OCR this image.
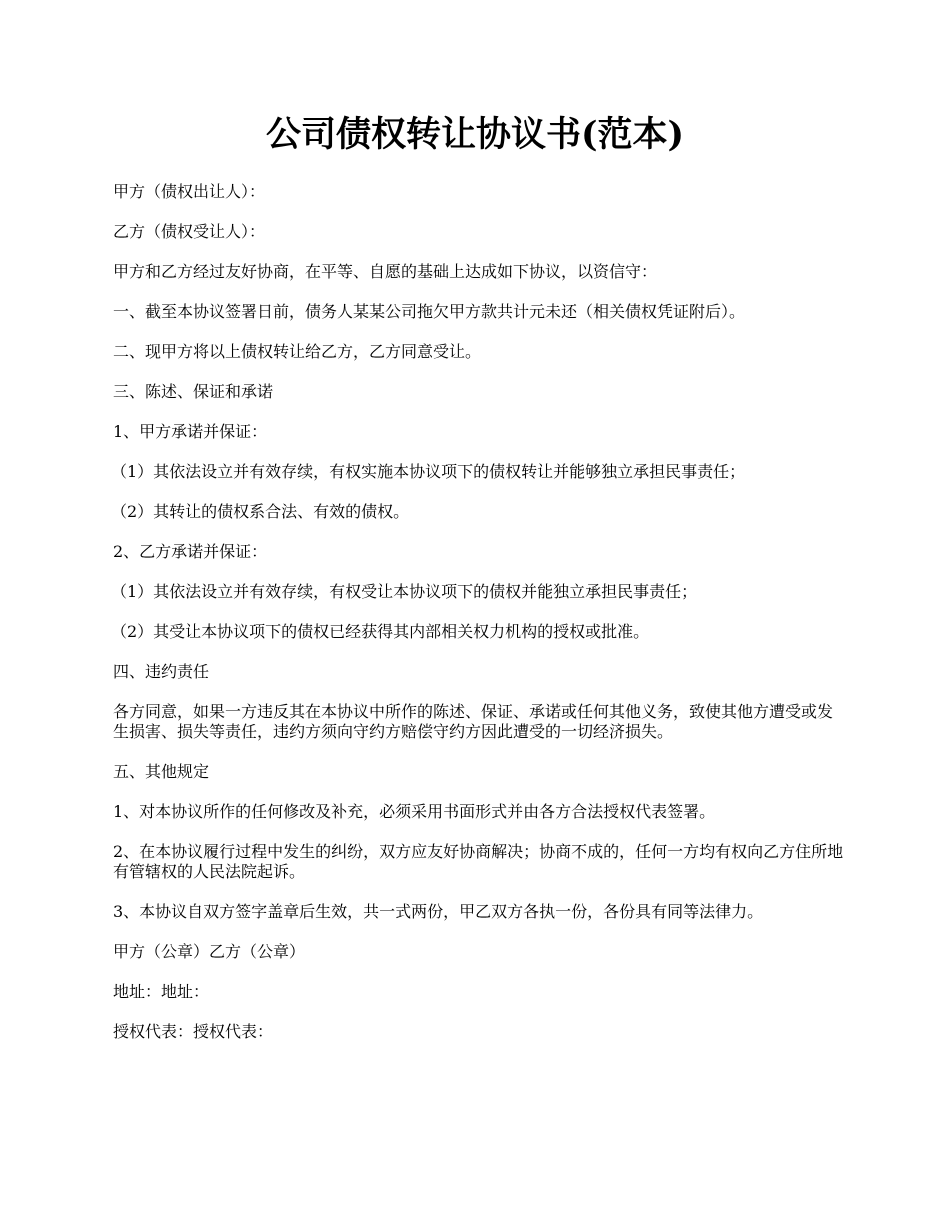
公司债权转让协议书(范本)

甲方（债权出让人）：

乙方（债权受让人）：

甲方和乙方经过友好协商，在平等、自愿的基础上达成如下协议，以资信守：

一、截至本协议签署日前，债务人某某公司拖欠甲方款共计元未还（相关债权凭证附后）。

二、现甲方将以上债权转让给乙方，乙方同意受让。

三、陈述、保证和承诺

1、甲方承诺并保证：

（1）其依法设立并有效存续，有权实施本协议项下的债权转让并能够独立承担民事责任；

（2）其转让的债权系合法、有效的债权。

2、乙方承诺并保证：

（1）其依法设立并有效存续，有权受让本协议项下的债权并能独立承担民事责任；

（2）其受让本协议项下的债权已经获得其内部相关权力机构的授权或批准。

四、违约责任

各方同意，如果一方违反其在本协议中所作的陈述、保证、承诺或任何其他义务，致使其他方遭受或发生损害、损失等责任，违约方须向守约方赔偿守约方因此遭受的一切经济损失。

五、其他规定

1、对本协议所作的任何修改及补充，必须采用书面形式并由各方合法授权代表签署。

2、在本协议履行过程中发生的纠纷，双方应友好协商解决；协商不成的，任何一方均有权向乙方住所地有管辖权的人民法院起诉。

3、本协议自双方签字盖章后生效，共一式两份，甲乙双方各执一份，各份具有同等法律力。

甲方（公章）乙方（公章）

地址：地址：

授权代表：授权代表：
